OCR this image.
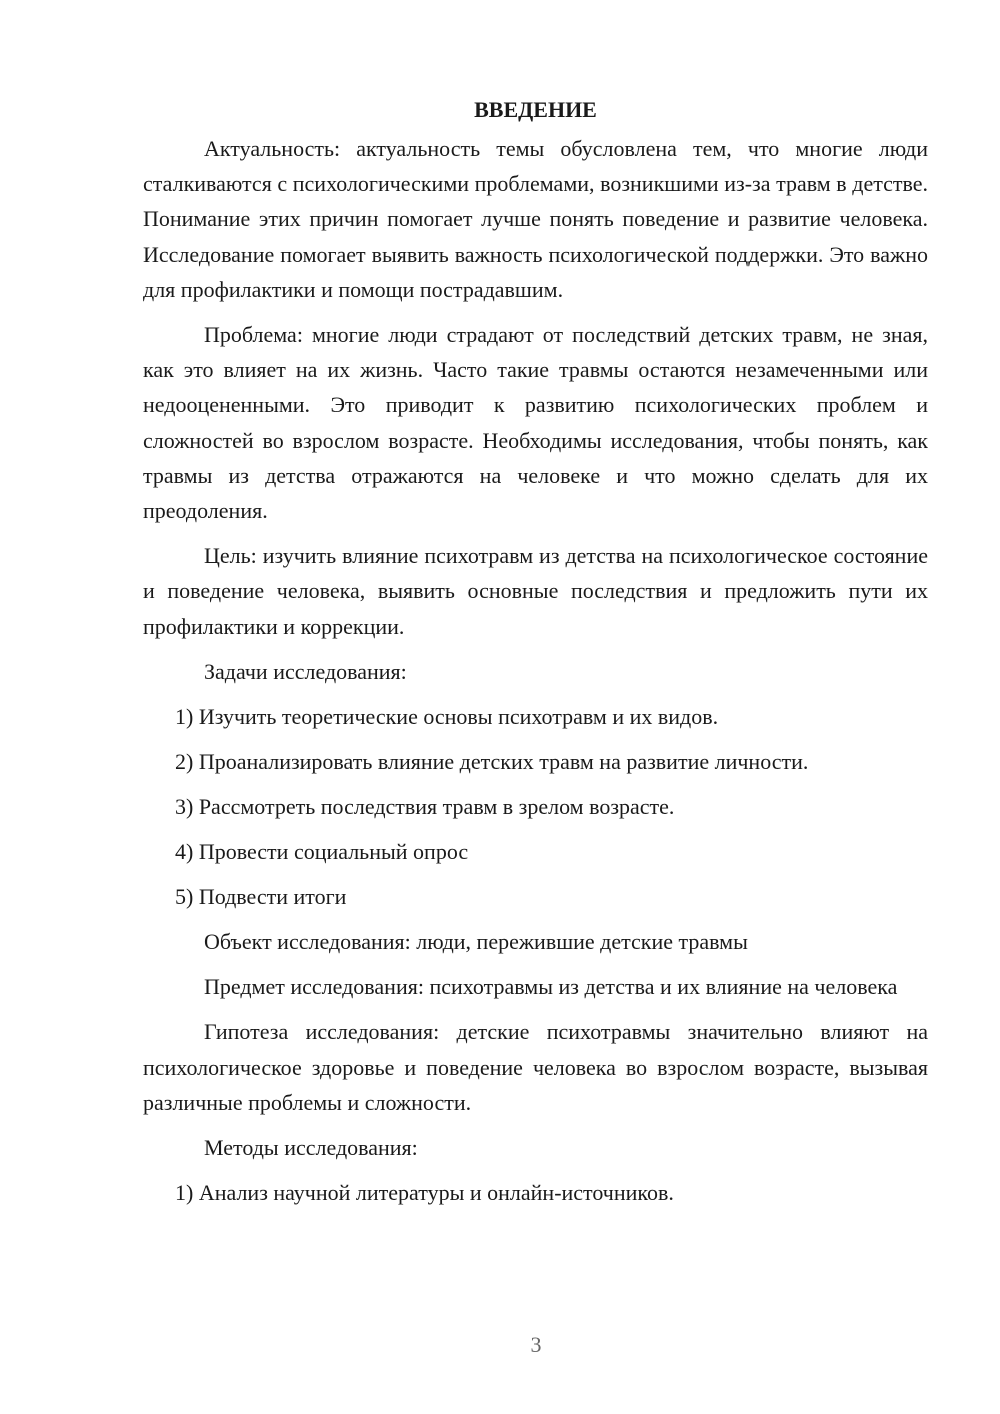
ВВЕДЕНИЕ

Актуальность: актуальность темы обусловлена тем, что многие люди сталкиваются с психологическими проблемами, возникшими из-за травм в детстве. Понимание этих причин помогает лучше понять поведение и развитие человека. Исследование помогает выявить важность психологической поддержки. Это важно для профилактики и помощи пострадавшим.

Проблема: многие люди страдают от последствий детских травм, не зная, как это влияет на их жизнь. Часто такие травмы остаются незамеченными или недооцененными. Это приводит к развитию психологических проблем и сложностей во взрослом возрасте. Необходимы исследования, чтобы понять, как травмы из детства отражаются на человеке и что можно сделать для их преодоления.

Цель: изучить влияние психотравм из детства на психологическое состояние и поведение человека, выявить основные последствия и предложить пути их профилактики и коррекции.

Задачи исследования:

1) Изучить теоретические основы психотравм и их видов.
2) Проанализировать влияние детских травм на развитие личности.
3) Рассмотреть последствия травм в зрелом возрасте.
4) Провести социальный опрос
5) Подвести итоги

Объект исследования: люди, пережившие детские травмы

Предмет исследования: психотравмы из детства и их влияние на человека

Гипотеза исследования: детские психотравмы значительно влияют на психологическое здоровье и поведение человека во взрослом возрасте, вызывая различные проблемы и сложности.

Методы исследования:

1) Анализ научной литературы и онлайн-источников.
3
